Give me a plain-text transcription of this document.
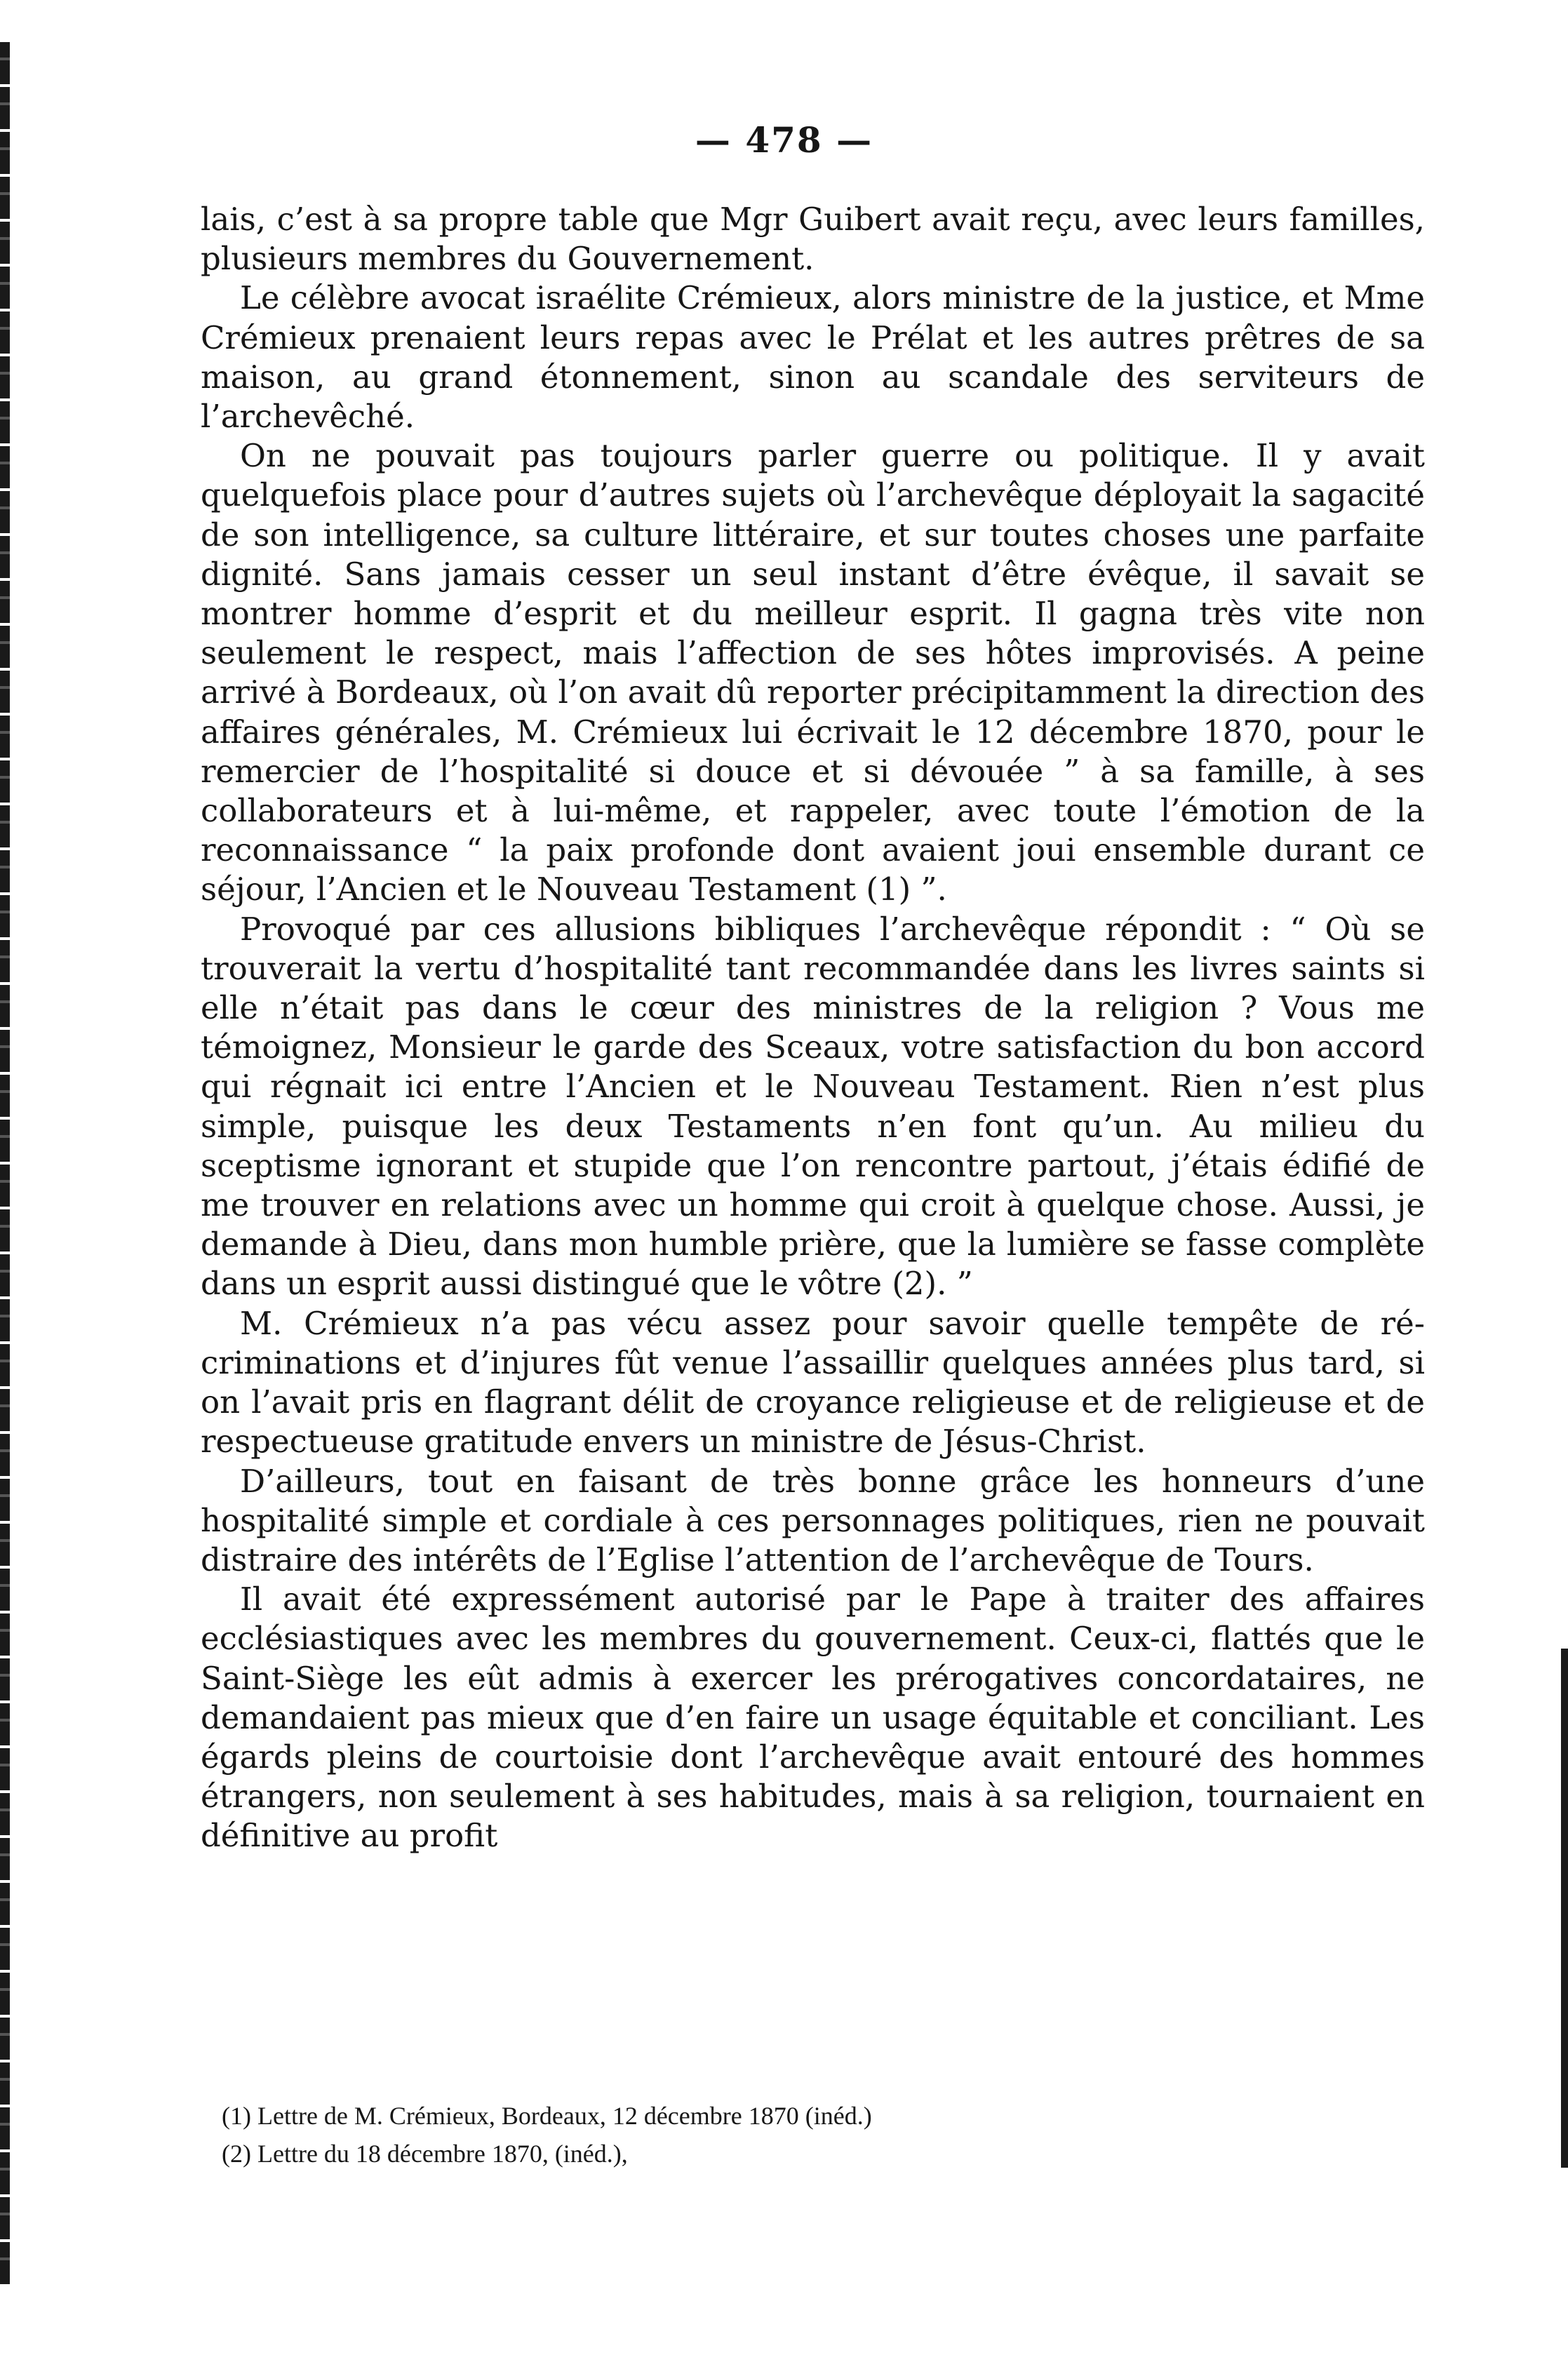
— 478 —

lais, c’est à sa propre table que Mgr Guibert avait reçu, avec leurs familles, plusieurs membres du Gouvernement.

Le célèbre avocat israélite Crémieux, alors ministre de la justice, et Mme Crémieux prenaient leurs repas avec le Prélat et les autres prêtres de sa maison, au grand étonnement, sinon au scandale des serviteurs de l’archevêché.

On ne pouvait pas toujours parler guerre ou politique. Il y avait quelquefois place pour d’autres sujets où l’archevêque déployait la sagacité de son intelligence, sa culture littéraire, et sur toutes choses une parfaite dignité. Sans jamais cesser un seul instant d’être évêque, il savait se montrer homme d’esprit et du meilleur esprit. Il gagna très vite non seulement le respect, mais l’affection de ses hôtes improvisés. A peine arrivé à Bordeaux, où l’on avait dû reporter précipitamment la direction des affaires générales, M. Crémieux lui écrivait le 12 décembre 1870, pour le remercier de l’hospitalité si douce et si dévouée ” à sa famille, à ses collaborateurs et à lui-même, et rappeler, avec toute l’émotion de la reconnaissance “ la paix profonde dont avaient joui ensemble durant ce séjour, l’Ancien et le Nouveau Testament (1) ”.

Provoqué par ces allusions bibliques l’archevêque répondit : “ Où se trouverait la vertu d’hospitalité tant recommandée dans les livres saints si elle n’était pas dans le cœur des ministres de la religion ? Vous me témoignez, Monsieur le garde des Sceaux, votre satisfaction du bon accord qui régnait ici entre l’Ancien et le Nouveau Testament. Rien n’est plus simple, puisque les deux Testaments n’en font qu’un. Au milieu du sceptisme ignorant et stupide que l’on rencontre partout, j’étais édifié de me trouver en relations avec un homme qui croit à quelque chose. Aussi, je demande à Dieu, dans mon humble prière, que la lumière se fasse complète dans un esprit aussi distingué que le vôtre (2). ”

M. Crémieux n’a pas vécu assez pour savoir quelle tempête de récriminations et d’injures fût venue l’assaillir quelques années plus tard, si on l’avait pris en flagrant délit de croyance religieuse et de religieuse et de respectueuse gratitude envers un ministre de Jésus-Christ.

D’ailleurs, tout en faisant de très bonne grâce les honneurs d’une hospitalité simple et cordiale à ces personnages politiques, rien ne pouvait distraire des intérêts de l’Eglise l’attention de l’archevêque de Tours.

Il avait été expressément autorisé par le Pape à traiter des affaires ecclésiastiques avec les membres du gouvernement. Ceux-ci, flattés que le Saint-Siège les eût admis à exercer les prérogatives concordataires, ne demandaient pas mieux que d’en faire un usage équitable et conciliant. Les égards pleins de courtoisie dont l’archevêque avait entouré des hommes étrangers, non seulement à ses habitudes, mais à sa religion, tournaient en définitive au profit

(1) Lettre de M. Crémieux, Bordeaux, 12 décembre 1870 (inéd.)

(2) Lettre du 18 décembre 1870, (inéd.),
